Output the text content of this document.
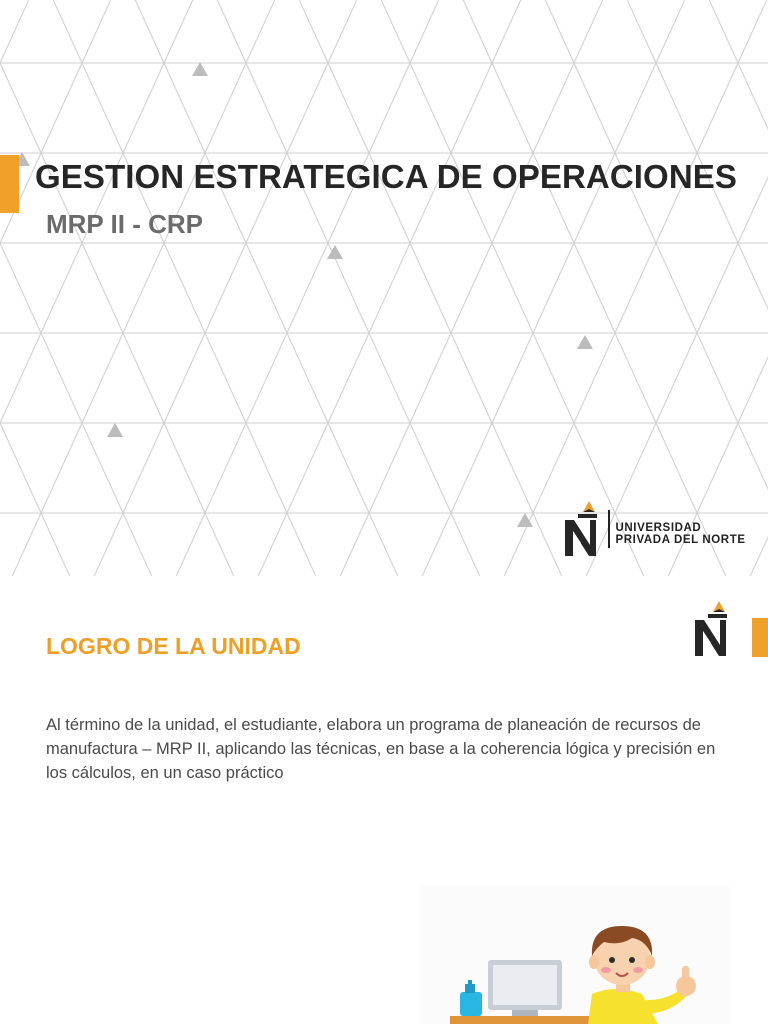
GESTION ESTRATEGICA DE OPERACIONES
MRP II - CRP
UNIVERSIDAD
PRIVADA DEL NORTE
LOGRO DE LA UNIDAD

Al término de la unidad, el estudiante, elabora un programa de planeación de recursos de manufactura – MRP II, aplicando las técnicas, en base a la coherencia lógica y precisión en los cálculos, en un caso práctico
